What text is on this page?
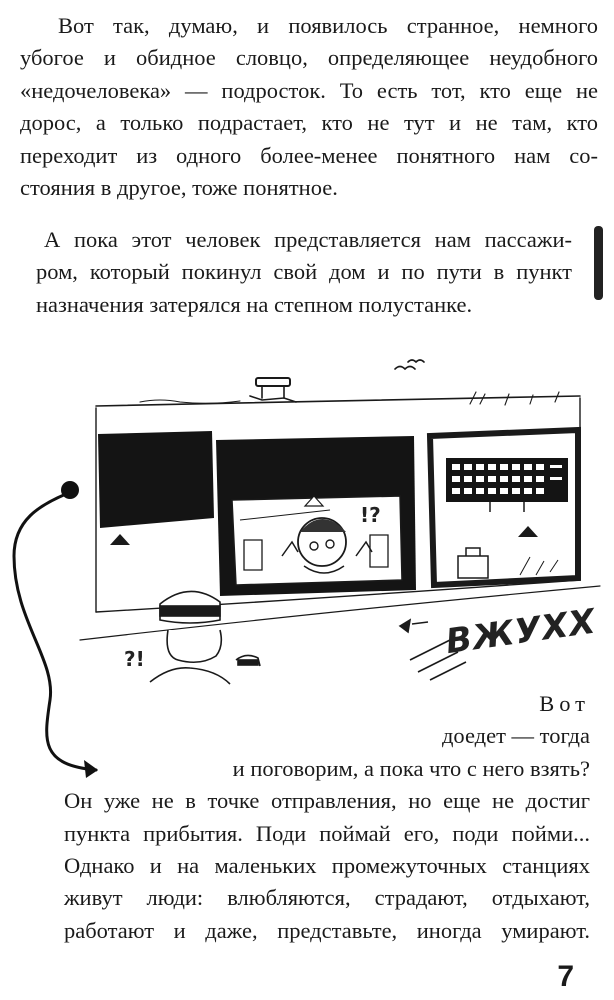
Вот так, думаю, и появилось странное, немного
убогое и обидное словцо, определяющее неудобного
«недочеловека» — подросток. То есть тот, кто еще не
дорос, а только подрастает, кто не тут и не там, кто
переходит из одного более-менее понятного нам со-
стояния в другое, тоже понятное.
А пока этот человек представляется нам пассажи-
ром, который покинул свой дом и по пути в пункт
назначения затерялся на степном полустанке.
!?
?!	ВЖУХХ
Вот
доедет — тогда
и поговорим, а пока что с него взять?
Он уже не в точке отправления, но еще не достиг
пункта прибытия. Поди поймай его, поди пойми...
Однако и на маленьких промежуточных станциях
живут люди: влюбляются, страдают, отдыхают,
работают и даже, представьте, иногда умирают.
7
